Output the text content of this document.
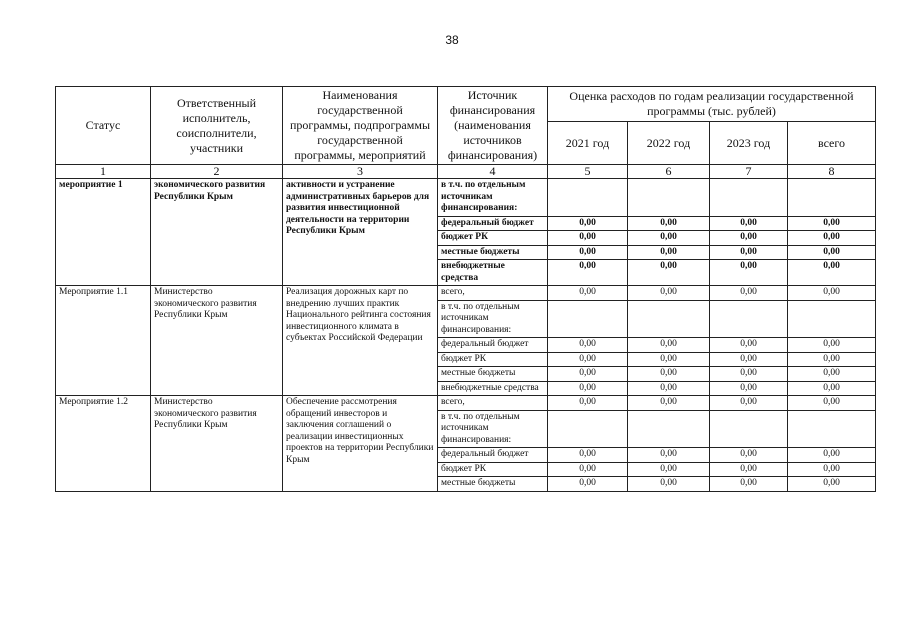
38
Статус	Ответственный исполнитель, соисполнители, участники	Наименования государственной программы, подпрограммы государственной программы, мероприятий	Источник финансирования (наименования источников финансирования)	Оценка расходов по годам реализации государственной программы (тыс. рублей)			
				2021 год	2022 год	2023 год	всего
1	2	3	4	5	6	7	8
мероприятие 1	экономического развития Республики Крым	активности и устранение административных барьеров для развития инвестиционной деятельности на территории Республики Крым	в т.ч. по отдельным источникам финансирования:				
			федеральный бюджет	0,00	0,00	0,00	0,00
			бюджет РК	0,00	0,00	0,00	0,00
			местные бюджеты	0,00	0,00	0,00	0,00
			внебюджетные средства	0,00	0,00	0,00	0,00
Мероприятие 1.1	Министерство экономического развития Республики Крым	Реализация дорожных карт по внедрению лучших практик Национального рейтинга состояния инвестиционного климата в субъектах Российской Федерации	всего,	0,00	0,00	0,00	0,00
			в т.ч. по отдельным источникам финансирования:				
			федеральный бюджет	0,00	0,00	0,00	0,00
			бюджет РК	0,00	0,00	0,00	0,00
			местные бюджеты	0,00	0,00	0,00	0,00
			внебюджетные средства	0,00	0,00	0,00	0,00
Мероприятие 1.2	Министерство экономического развития Республики Крым	Обеспечение рассмотрения обращений инвесторов и заключения соглашений о реализации инвестиционных проектов на территории Республики Крым	всего,	0,00	0,00	0,00	0,00
			в т.ч. по отдельным источникам финансирования:				
			федеральный бюджет	0,00	0,00	0,00	0,00
			бюджет РК	0,00	0,00	0,00	0,00
			местные бюджеты	0,00	0,00	0,00	0,00
